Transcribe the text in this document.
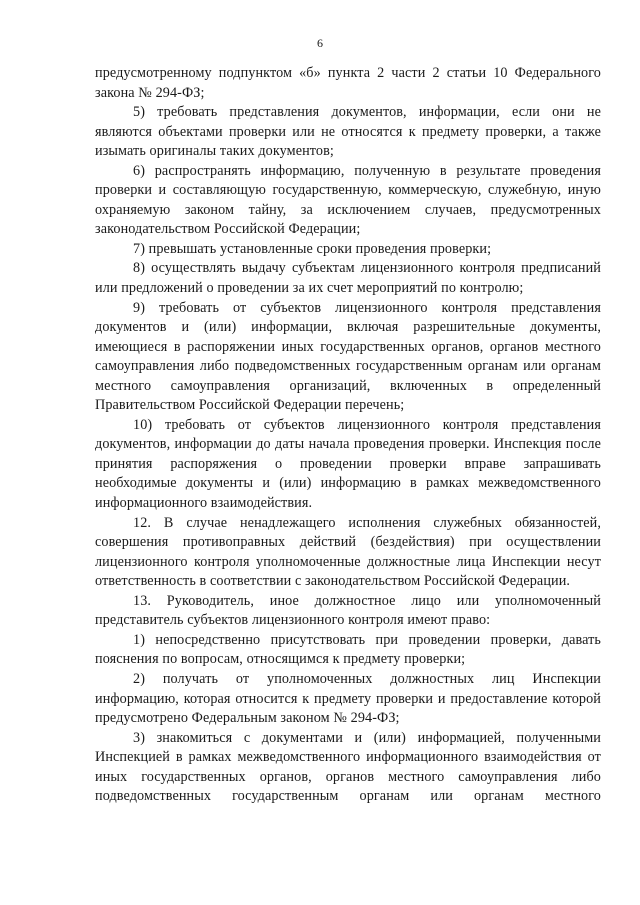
6

предусмотренному подпунктом «б» пункта 2 части 2 статьи 10 Федерального закона № 294-ФЗ;

5) требовать представления документов, информации, если они не являются объектами проверки или не относятся к предмету проверки, а также изымать оригиналы таких документов;

6) распространять информацию, полученную в результате проведения проверки и составляющую государственную, коммерческую, служебную, иную охраняемую законом тайну, за исключением случаев, предусмотренных законодательством Российской Федерации;

7) превышать установленные сроки проведения проверки;

8) осуществлять выдачу субъектам лицензионного контроля предписаний или предложений о проведении за их счет мероприятий по контролю;

9) требовать от субъектов лицензионного контроля представления документов и (или) информации, включая разрешительные документы, имеющиеся в распоряжении иных государственных органов, органов местного самоуправления либо подведомственных государственным органам или органам местного самоуправления организаций, включенных в определенный Правительством Российской Федерации перечень;

10) требовать от субъектов лицензионного контроля представления документов, информации до даты начала проведения проверки. Инспекция после принятия распоряжения о проведении проверки вправе запрашивать необходимые документы и (или) информацию в рамках межведомственного информационного взаимодействия.

12. В случае ненадлежащего исполнения служебных обязанностей, совершения противоправных действий (бездействия) при осуществлении лицензионного контроля уполномоченные должностные лица Инспекции несут ответственность в соответствии с законодательством Российской Федерации.

13. Руководитель, иное должностное лицо или уполномоченный представитель субъектов лицензионного контроля имеют право:

1) непосредственно присутствовать при проведении проверки, давать пояснения по вопросам, относящимся к предмету проверки;

2) получать от уполномоченных должностных лиц Инспекции информацию, которая относится к предмету проверки и предоставление которой предусмотрено Федеральным законом № 294-ФЗ;

3) знакомиться с документами и (или) информацией, полученными Инспекцией в рамках межведомственного информационного взаимодействия от иных государственных органов, органов местного самоуправления либо подведомственных государственным органам или органам местного
